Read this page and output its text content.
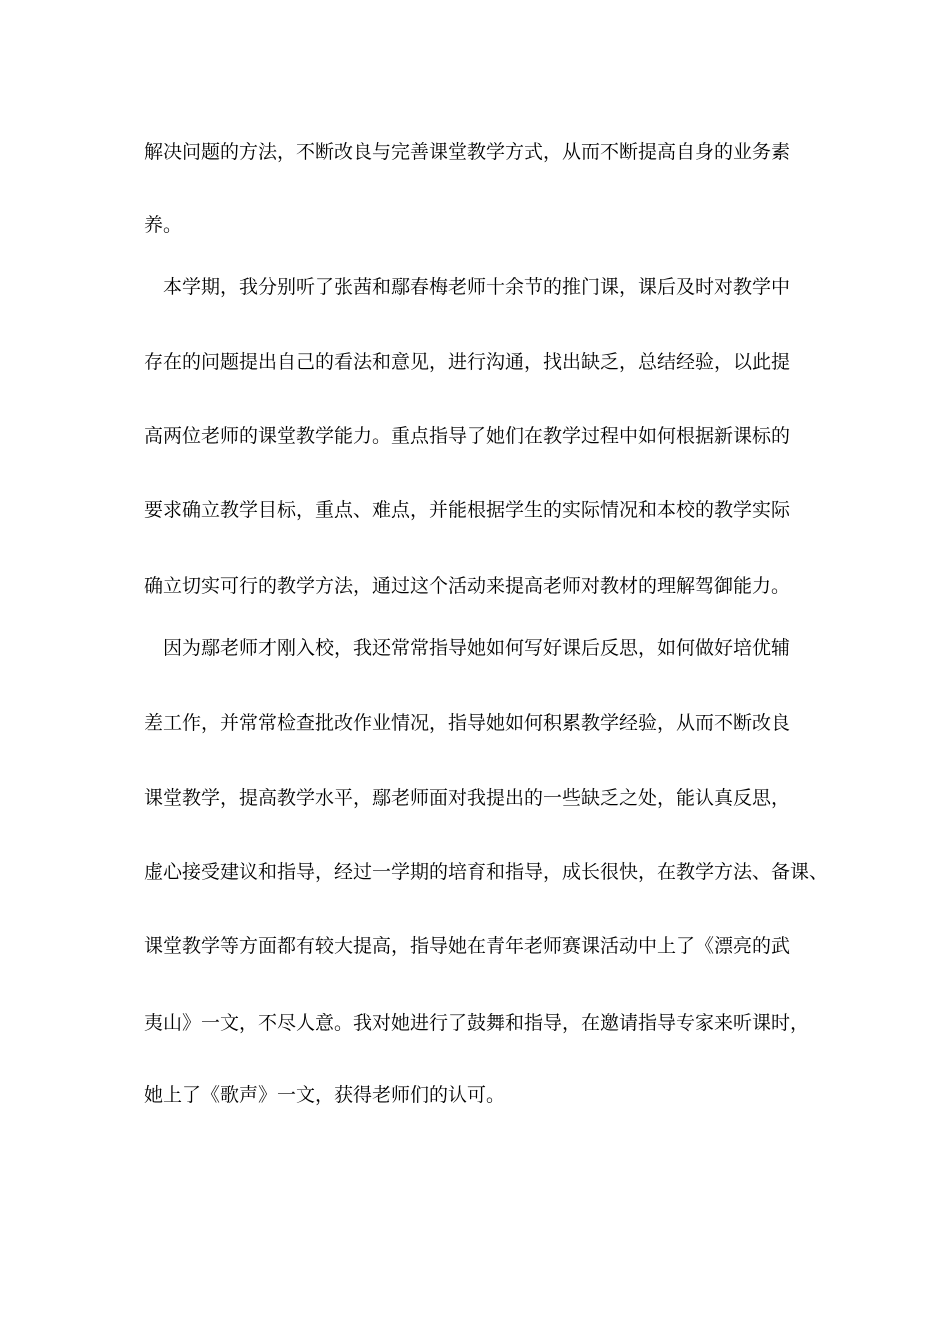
解决问题的方法，不断改良与完善课堂教学方式，从而不断提高自身的业务素
养。
本学期，我分别听了张茜和鄢春梅老师十余节的推门课，课后及时对教学中
存在的问题提出自己的看法和意见，进行沟通，找出缺乏，总结经验，以此提
高两位老师的课堂教学能力。重点指导了她们在教学过程中如何根据新课标的
要求确立教学目标，重点、难点，并能根据学生的实际情况和本校的教学实际
确立切实可行的教学方法，通过这个活动来提高老师对教材的理解驾御能力。
因为鄢老师才刚入校，我还常常指导她如何写好课后反思，如何做好培优辅
差工作，并常常检查批改作业情况，指导她如何积累教学经验，从而不断改良
课堂教学，提高教学水平，鄢老师面对我提出的一些缺乏之处，能认真反思，
虚心接受建议和指导，经过一学期的培育和指导，成长很快，在教学方法、备课、
课堂教学等方面都有较大提高，指导她在青年老师赛课活动中上了《漂亮的武
夷山》一文，不尽人意。我对她进行了鼓舞和指导，在邀请指导专家来听课时，
她上了《歌声》一文，获得老师们的认可。
